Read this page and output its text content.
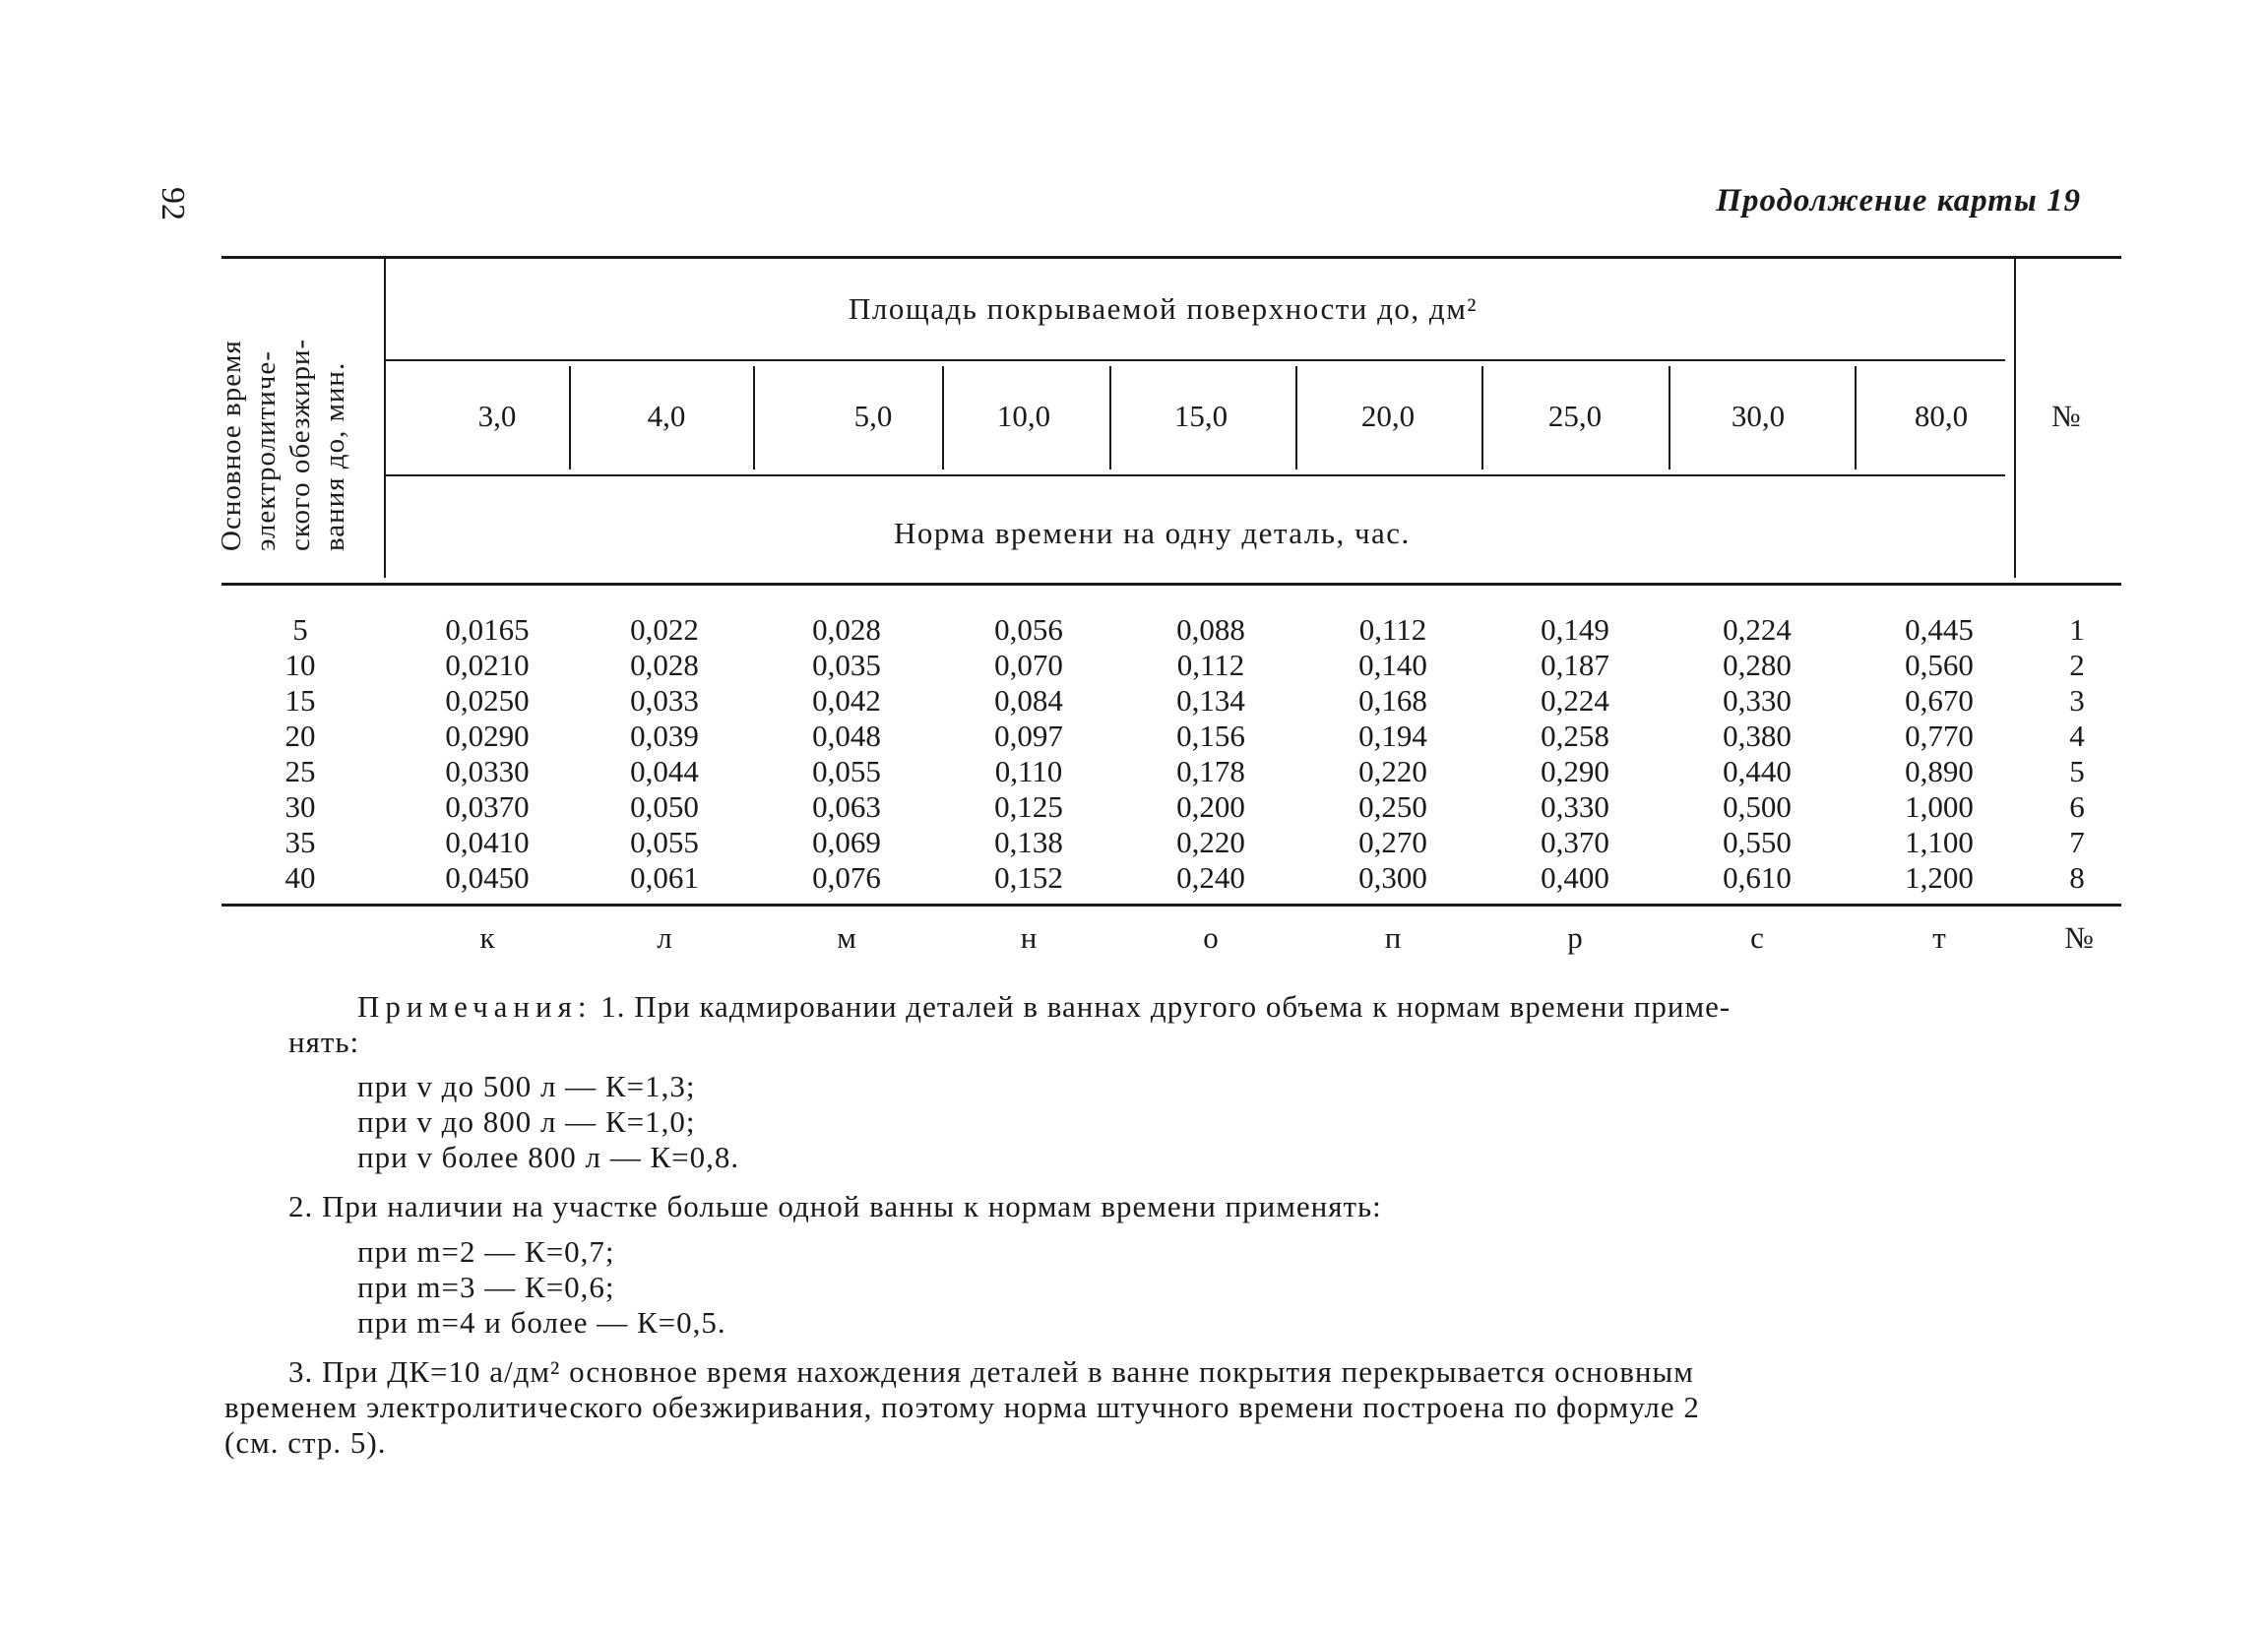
92	Продолжение карты 19
Основное время электролитиче- ского обезжири- вания до, мин.
Площадь покрываемой поверхности до, дм²
Норма времени на одну деталь, час.
№
3,0	4,0	5,0	10,0	15,0	20,0	25,0	30,0	80,0
5	0,0165	0,022	0,028	0,056	0,088	0,112	0,149	0,224	0,445	1
10	0,0210	0,028	0,035	0,070	0,112	0,140	0,187	0,280	0,560	2
15	0,0250	0,033	0,042	0,084	0,134	0,168	0,224	0,330	0,670	3
20	0,0290	0,039	0,048	0,097	0,156	0,194	0,258	0,380	0,770	4
25	0,0330	0,044	0,055	0,110	0,178	0,220	0,290	0,440	0,890	5
30	0,0370	0,050	0,063	0,125	0,200	0,250	0,330	0,500	1,000	6
35	0,0410	0,055	0,069	0,138	0,220	0,270	0,370	0,550	1,100	7
40	0,0450	0,061	0,076	0,152	0,240	0,300	0,400	0,610	1,200	8
к	л	м	н	о	п	р	с	т	№
Примечания: 1. При кадмировании деталей в ваннах другого объема к нормам времени приме-
нять:
при v до 500 л — К=1,3;
при v до 800 л — К=1,0;
при v более 800 л — К=0,8.
2. При наличии на участке больше одной ванны к нормам времени применять:
при m=2 — К=0,7;
при m=3 — К=0,6;
при m=4 и более — К=0,5.
3. При ДК=10 а/дм² основное время нахождения деталей в ванне покрытия перекрывается основным
временем электролитического обезжиривания, поэтому норма штучного времени построена по формуле 2
(см. стр. 5).
